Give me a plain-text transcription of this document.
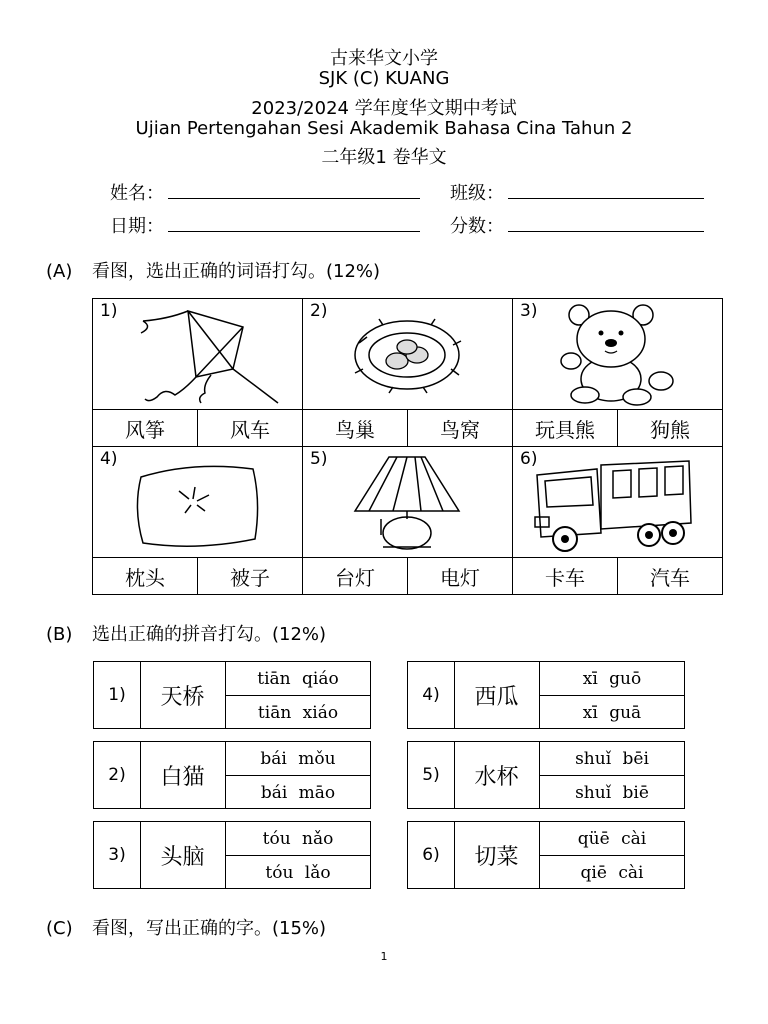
古来华文小学
SJK (C) KUANG
2023/2024 学年度华文期中考试
Ujian Pertengahan Sesi Akademik Bahasa Cina Tahun 2
二年级1 卷华文
姓名：	班级：
日期：	分数：
(A) 看图，选出正确的词语打勾。(12%)
1)		2)		3)	

风筝	风车	鸟巢	鸟窝	玩具熊	狗熊

4)		5)		6)	

枕头	被子	台灯	电灯	卡车	汽车
(B) 选出正确的拼音打勾。(12%)
1)	天桥
tiān qiáo
tiān xiáo
2)	白猫
bái mǒu
bái māo
3)	头脑
tóu nǎo
tóu lǎo
4)	西瓜
xī guō
xī guā
5)	水杯
shuǐ bēi
shuǐ biē
6)	切菜
qüē cài
qiē cài
(C) 看图，写出正确的字。(15%)
1
